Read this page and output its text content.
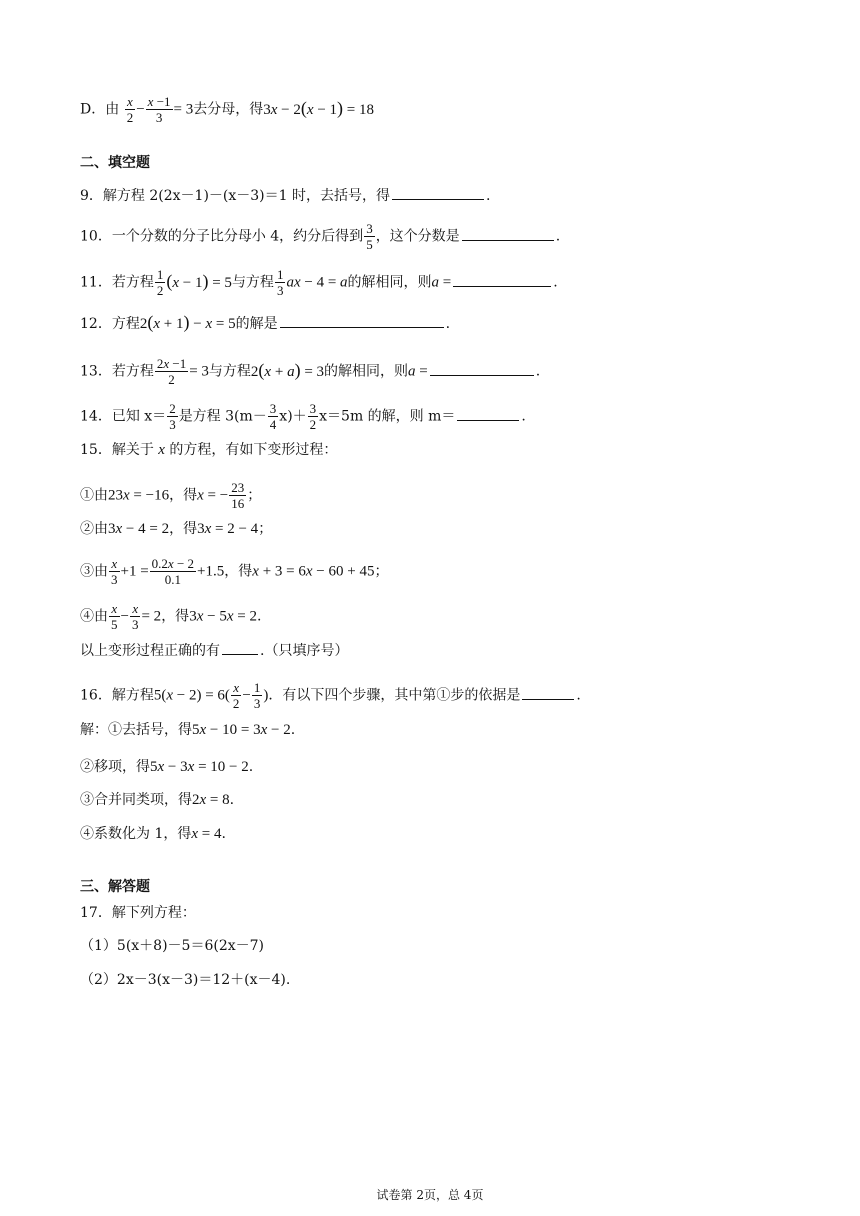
D．由 $\frac{x}{2} - \frac{x -1}{3} = 3$去分母，得3x − 2(x − 1) = 18
二、填空题
9．解方程 2(2x－1)－(x－3)＝1 时，去括号，得	.
10．一个分数的分子比分母小 4，约分后得到 $\frac{3}{5}$ ，这个分数是	.
11．若方程 $\frac{1}{2} (x - 1) = 5$与方程 $\frac{1}{3}$ ax − 4 = a的解相同，则a =	.
12．方程2(x + 1) − x = 5的解是	.
13．若方程 $\frac{2x -1}{2} = 3$与方程2(x + a) = 3的解相同，则a =	.
14．已知 $x= \frac{2}{3}$ 是方程 $3(m- \frac{3}{4} x)+ \frac{3}{2} x=5m$ 的解，则 m＝	.
15．解关于 x 的方程，有如下变形过程：
①由23x = −16，得x = − $\frac{23}{16}$ ；
②由3x − 4 = 2，得3x = 2 − 4；
③由 $\frac{x}{3} +1 = \frac{0.2x - 2}{0.1} +1.5$，得x + 3 = 6x − 60 + 45；
④由 $\frac{x}{5} - \frac{x}{3} = 2$，得3x − 5x = 2.
以上变形过程正确的有	.（只填序号）
16．解方程$5(x - 2) = 6( \frac{x}{2} - \frac{1}{3}$ )．有以下四个步骤，其中第①步的依据是	.
解：①去括号，得5x − 10 = 3x − 2.
②移项，得5x − 3x = 10 − 2.
③合并同类项，得2x = 8.
④系数化为 1，得x = 4.
三、解答题
17．解下列方程：
（1）5(x＋8)－5＝6(2x－7)
（2）2x－3(x－3)＝12＋(x－4).
试卷第 2页，总 4页
